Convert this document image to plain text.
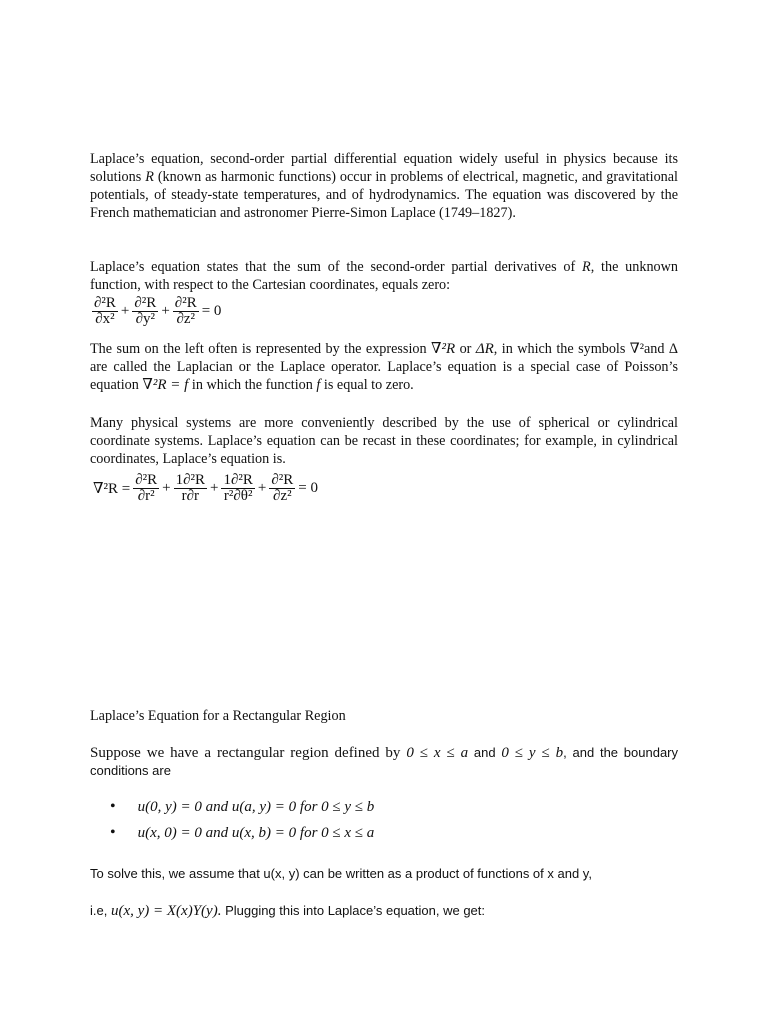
Laplace’s equation, second-order partial differential equation widely useful in physics because its solutions R (known as harmonic functions) occur in problems of electrical, magnetic, and gravitational potentials, of steady-state temperatures, and of hydrodynamics. The equation was discovered by the French mathematician and astronomer Pierre-Simon Laplace (1749–1827).

Laplace’s equation states that the sum of the second-order partial derivatives of R, the unknown function, with respect to the Cartesian coordinates, equals zero:

$\frac{\text{∂²R}}{\text{∂x²}} + \frac{\text{∂²R}}{\text{∂y²}} + \frac{\text{∂²R}}{\text{∂z²}} = 0$

The sum on the left often is represented by the expression ∇²R or ΔR, in which the symbols ∇²and Δ are called the Laplacian or the Laplace operator. Laplace’s equation is a special case of Poisson’s equation ∇²R = f in which the function f is equal to zero.

Many physical systems are more conveniently described by the use of spherical or cylindrical coordinate systems. Laplace’s equation can be recast in these coordinates; for example, in cylindrical coordinates, Laplace’s equation is.

$\nabla^2R = \frac{\text{∂²R}}{\text{∂r²}} + \frac{\text{1∂²R}}{r\partial r} + \frac{\text{1∂²R}}{\text{r²∂θ²}} + \frac{\text{∂²R}}{\text{∂z²}} = 0$
Laplace’s Equation for a Rectangular Region

Suppose we have a rectangular region defined by 0 ≤ x ≤ a and 0 ≤ y ≤ b, and the boundary conditions are

• u(0, y) = 0 and u(a, y) = 0 for 0 ≤ y ≤ b
• u(x, 0) = 0 and u(x, b) = 0 for 0 ≤ x ≤ a

To solve this, we assume that u(x, y) can be written as a product of functions of x and y,

i.e, u(x, y) = X(x)Y(y). Plugging this into Laplace’s equation, we get:
